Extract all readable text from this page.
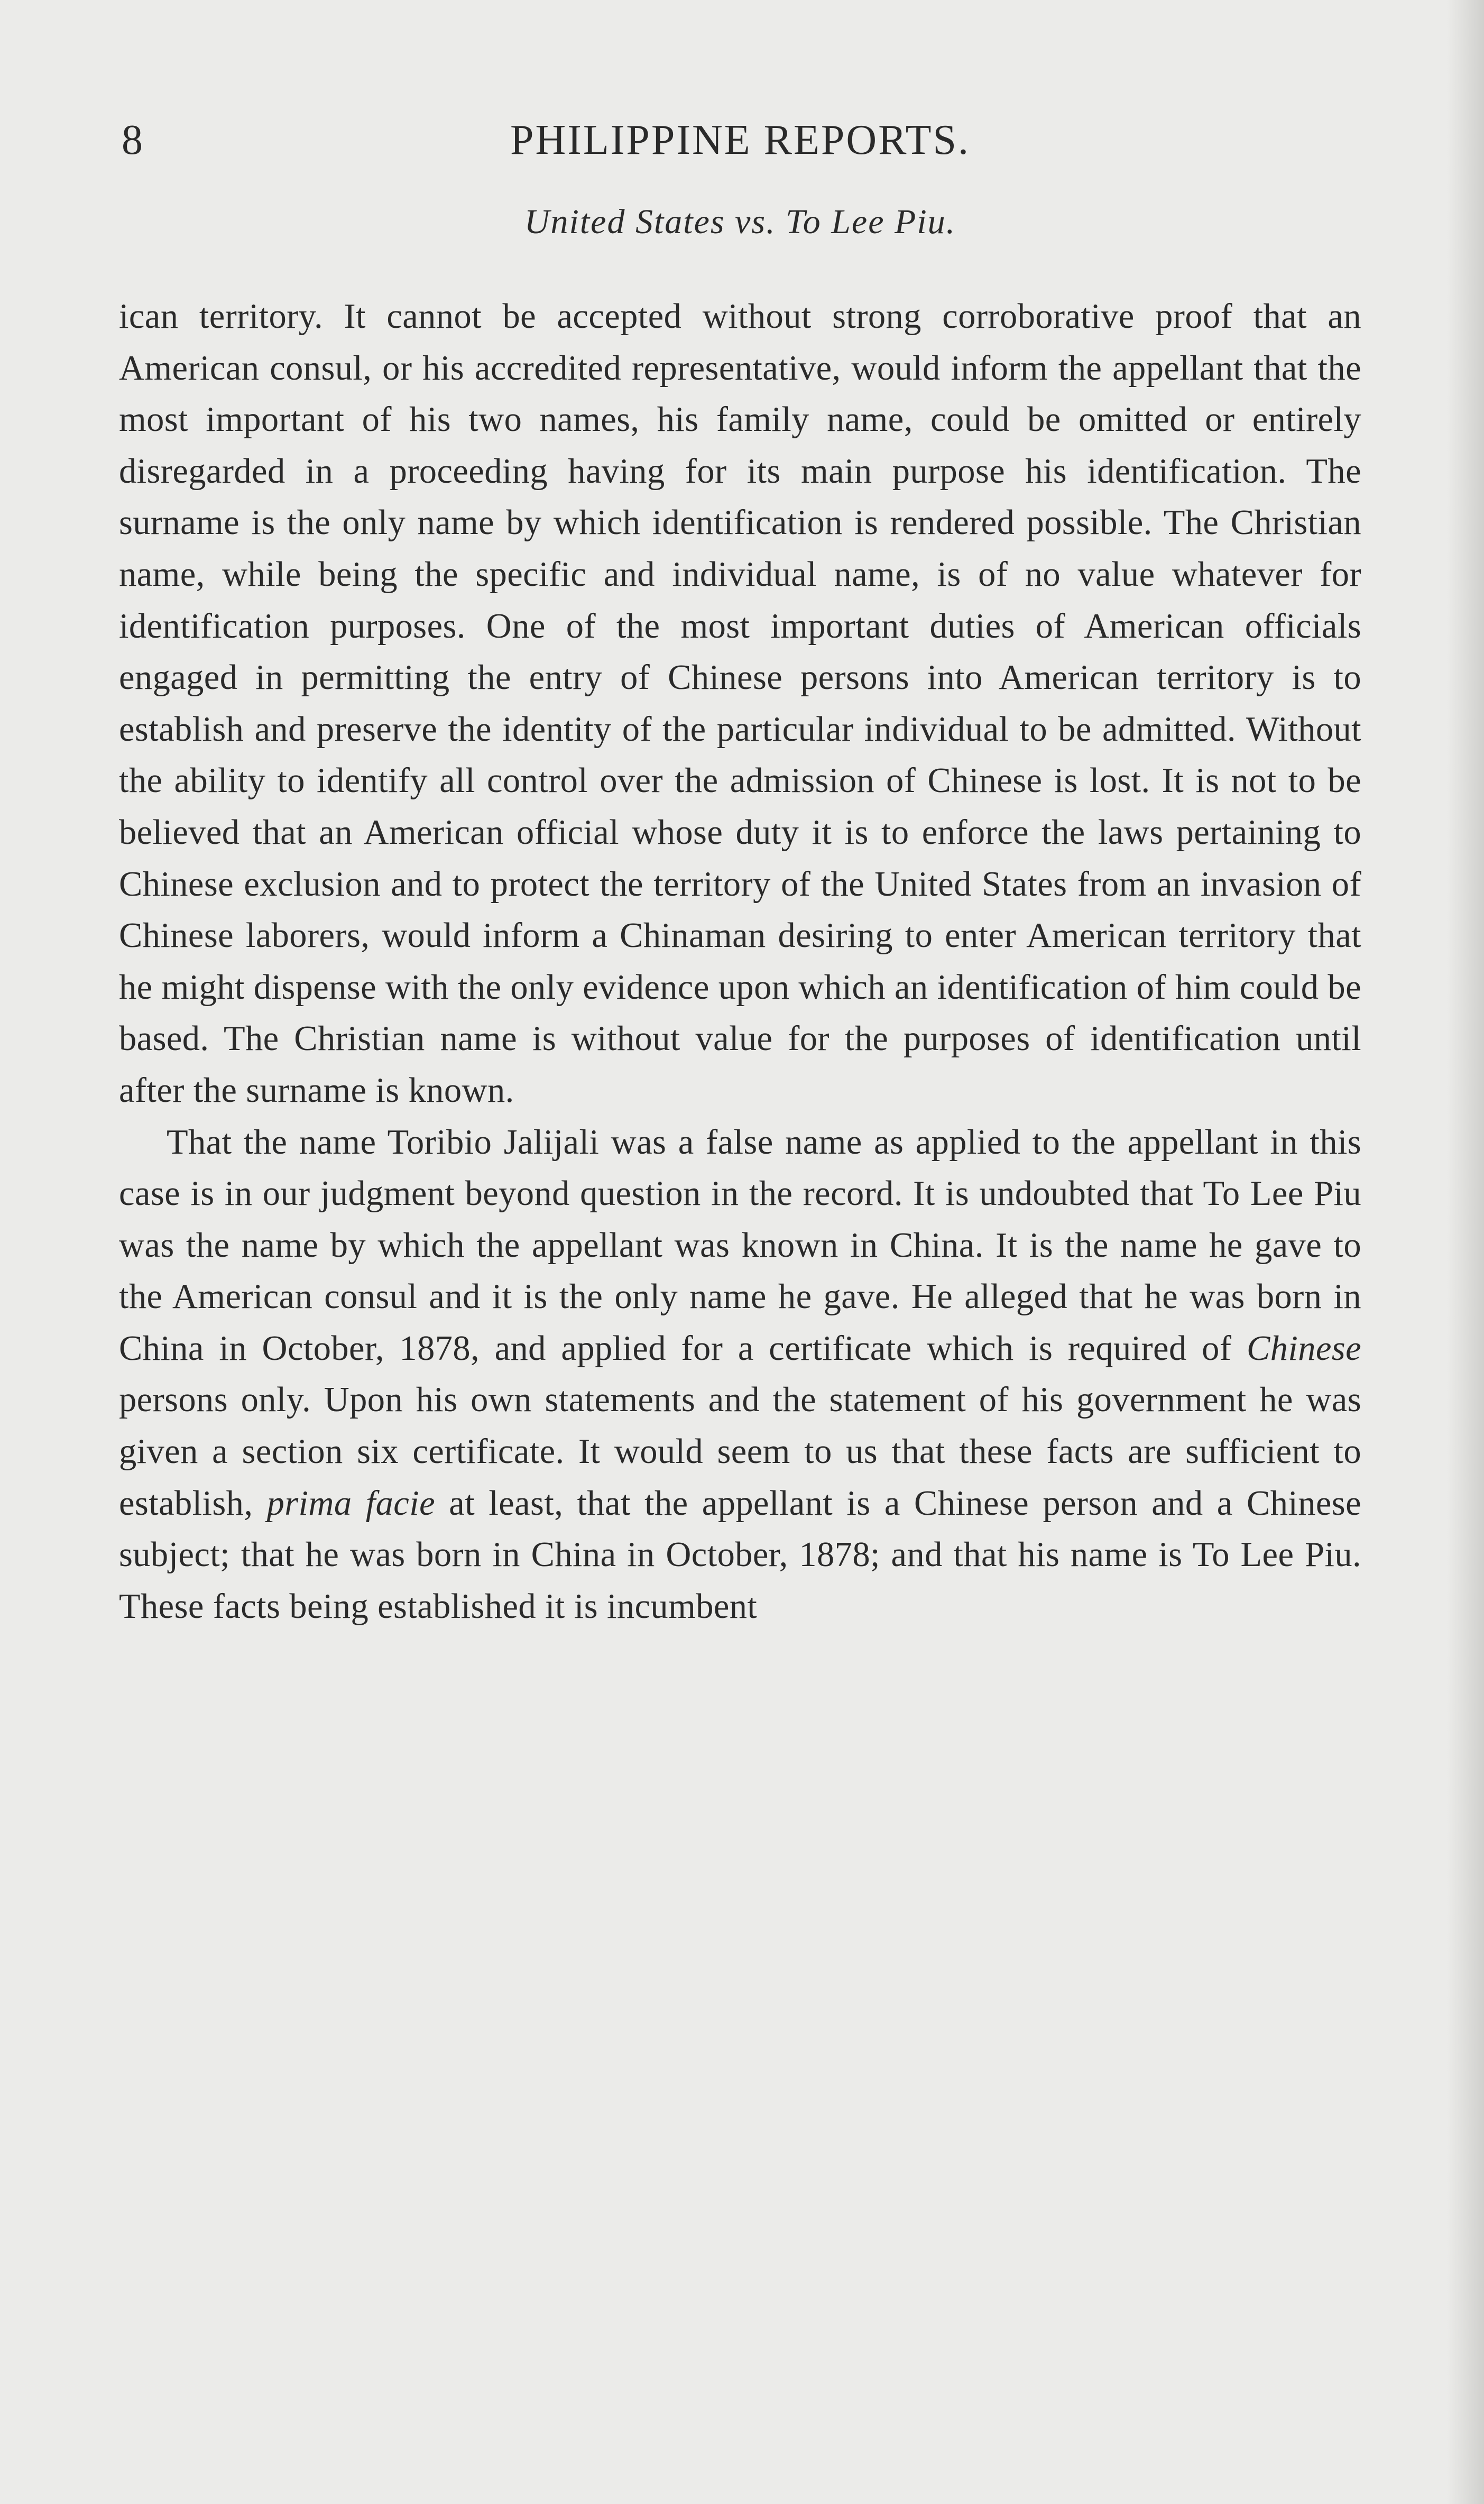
8	PHILIPPINE REPORTS.
United States vs. To Lee Piu.

ican territory. It cannot be accepted without strong corroborative proof that an American consul, or his accredited representative, would inform the appellant that the most important of his two names, his family name, could be omitted or entirely disregarded in a proceeding having for its main purpose his identification. The surname is the only name by which identification is rendered possible. The Christian name, while being the specific and individual name, is of no value whatever for identification purposes. One of the most important duties of American officials engaged in permitting the entry of Chinese persons into American territory is to establish and preserve the identity of the particular individual to be admitted. Without the ability to identify all control over the admission of Chinese is lost. It is not to be believed that an American official whose duty it is to enforce the laws pertaining to Chinese exclusion and to protect the territory of the United States from an invasion of Chinese laborers, would inform a Chinaman desiring to enter American territory that he might dispense with the only evidence upon which an identification of him could be based. The Christian name is without value for the purposes of identification until after the surname is known.

That the name Toribio Jalijali was a false name as applied to the appellant in this case is in our judgment beyond question in the record. It is undoubted that To Lee Piu was the name by which the appellant was known in China. It is the name he gave to the American consul and it is the only name he gave. He alleged that he was born in China in October, 1878, and applied for a certificate which is required of Chinese persons only. Upon his own statements and the statement of his government he was given a section six certificate. It would seem to us that these facts are sufficient to establish, prima facie at least, that the appellant is a Chinese person and a Chinese subject; that he was born in China in October, 1878; and that his name is To Lee Piu. These facts being established it is incumbent
